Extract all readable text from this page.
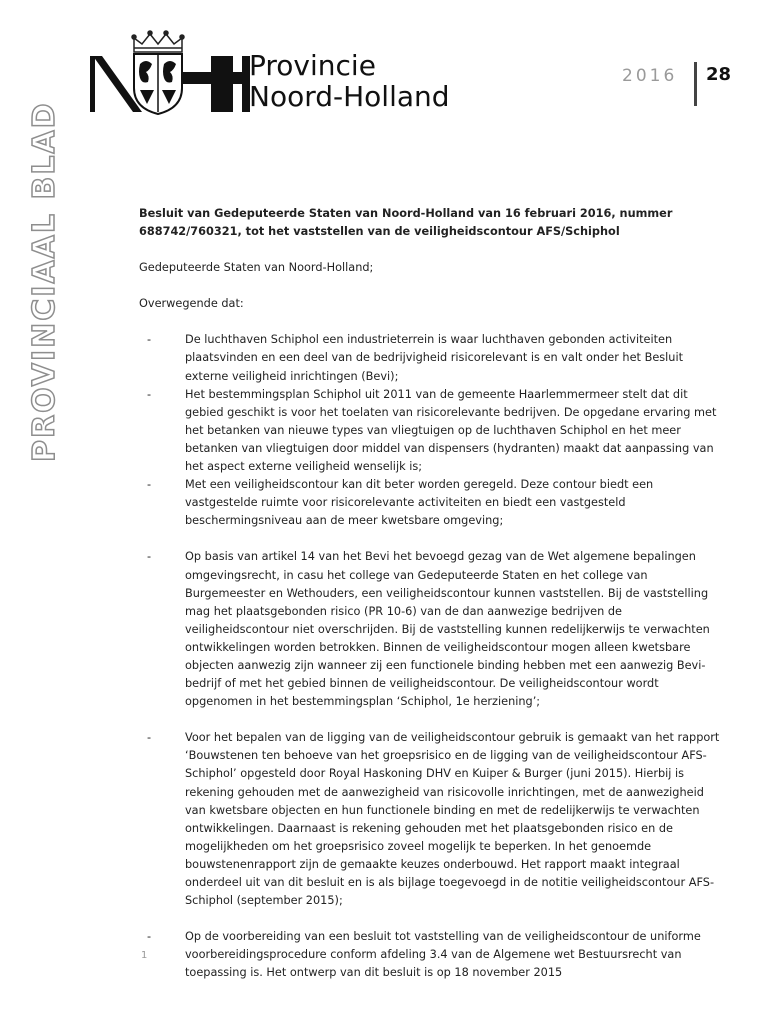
Provincie
Noord-Holland
2016 28
PROVINCIAAL BLAD	Besluit van Gedeputeerde Staten van Noord-Holland van 16 februari 2016, nummer 688742/760321, tot het vaststellen van de veiligheidscontour AFS/Schiphol

Gedeputeerde Staten van Noord-Holland;

Overwegende dat:

- De luchthaven Schiphol een industrieterrein is waar luchthaven gebonden activiteiten plaatsvinden en een deel van de bedrijvigheid risicorelevant is en valt onder het Besluit externe veiligheid inrichtingen (Bevi);
- Het bestemmingsplan Schiphol uit 2011 van de gemeente Haarlemmermeer stelt dat dit gebied geschikt is voor het toelaten van risicorelevante bedrijven. De opgedane ervaring met het betanken van nieuwe types van vliegtuigen op de luchthaven Schiphol en het meer betanken van vliegtuigen door middel van dispensers (hydranten) maakt dat aanpassing van het aspect externe veiligheid wenselijk is;
- Met een veiligheidscontour kan dit beter worden geregeld. Deze contour biedt een vastgestelde ruimte voor risicorelevante activiteiten en biedt een vastgesteld beschermingsniveau aan de meer kwetsbare omgeving;
- Op basis van artikel 14 van het Bevi het bevoegd gezag van de Wet algemene bepalingen omgevingsrecht, in casu het college van Gedeputeerde Staten en het college van Burgemeester en Wethouders, een veiligheidscontour kunnen vaststellen. Bij de vaststelling mag het plaatsgebonden risico (PR 10-6) van de dan aanwezige bedrijven de veiligheidscontour niet overschrijden. Bij de vaststelling kunnen redelijkerwijs te verwachten ontwikkelingen worden betrokken. Binnen de veiligheidscontour mogen alleen kwetsbare objecten aanwezig zijn wanneer zij een functionele binding hebben met een aanwezig Bevi-bedrijf of met het gebied binnen de veiligheidscontour. De veiligheidscontour wordt opgenomen in het bestemmingsplan ‘Schiphol, 1e herziening’;
- Voor het bepalen van de ligging van de veiligheidscontour gebruik is gemaakt van het rapport ‘Bouwstenen ten behoeve van het groepsrisico en de ligging van de veiligheidscontour AFS-Schiphol’ opgesteld door Royal Haskoning DHV en Kuiper & Burger (juni 2015). Hierbij is rekening gehouden met de aanwezigheid van risicovolle inrichtingen, met de aanwezigheid van kwetsbare objecten en hun functionele binding en met de redelijkerwijs te verwachten ontwikkelingen. Daarnaast is rekening gehouden met het plaatsgebonden risico en de mogelijkheden om het groepsrisico zoveel mogelijk te beperken. In het genoemde bouwstenenrapport zijn de gemaakte keuzes onderbouwd. Het rapport maakt integraal onderdeel uit van dit besluit en is als bijlage toegevoegd in de notitie veiligheidscontour AFS-Schiphol (september 2015);
- Op de voorbereiding van een besluit tot vaststelling van de veiligheidscontour de uniforme voorbereidingsprocedure conform afdeling 3.4 van de Algemene wet Bestuursrecht van toepassing is. Het ontwerp van dit besluit is op 18 november 2015
1
